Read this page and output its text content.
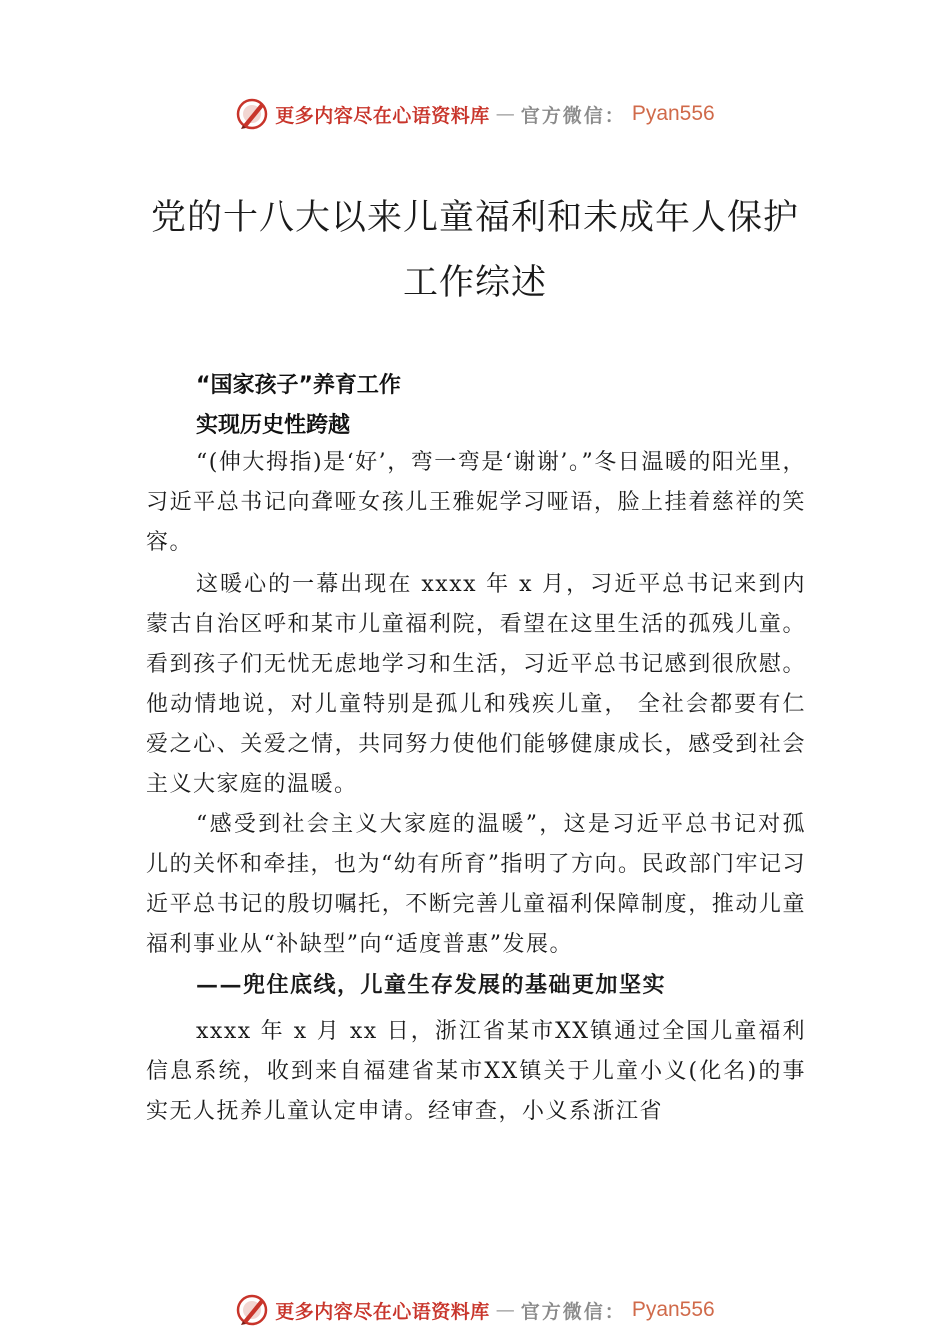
更多内容尽在心语资料库 — 官方微信： Pyan556
党的十八大以来儿童福利和未成年人保护
工作综述
“国家孩子”养育工作
实现历史性跨越

“(伸大拇指)是‘好’，弯一弯是‘谢谢’。”冬日温暖的阳光里，习近平总书记向聋哑女孩儿王雅妮学习哑语，脸上挂着慈祥的笑容。

这暖心的一幕出现在 xxxx 年 x 月，习近平总书记来到内蒙古自治区呼和某市儿童福利院，看望在这里生活的孤残儿童。看到孩子们无忧无虑地学习和生活，习近平总书记感到很欣慰。他动情地说，对儿童特别是孤儿和残疾儿童， 全社会都要有仁爱之心、关爱之情，共同努力使他们能够健康成长，感受到社会主义大家庭的温暖。

“感受到社会主义大家庭的温暖”，这是习近平总书记对孤儿的关怀和牵挂，也为“幼有所育”指明了方向。民政部门牢记习近平总书记的殷切嘱托，不断完善儿童福利保障制度，推动儿童福利事业从“补缺型”向“适度普惠”发展。

——兜住底线，儿童生存发展的基础更加坚实

xxxx 年 x 月 xx 日，浙江省某市XX镇通过全国儿童福利信息系统，收到来自福建省某市XX镇关于儿童小义(化名)的事实无人抚养儿童认定申请。经审查，小义系浙江省

更多内容尽在心语资料库 — 官方微信： Pyan556
